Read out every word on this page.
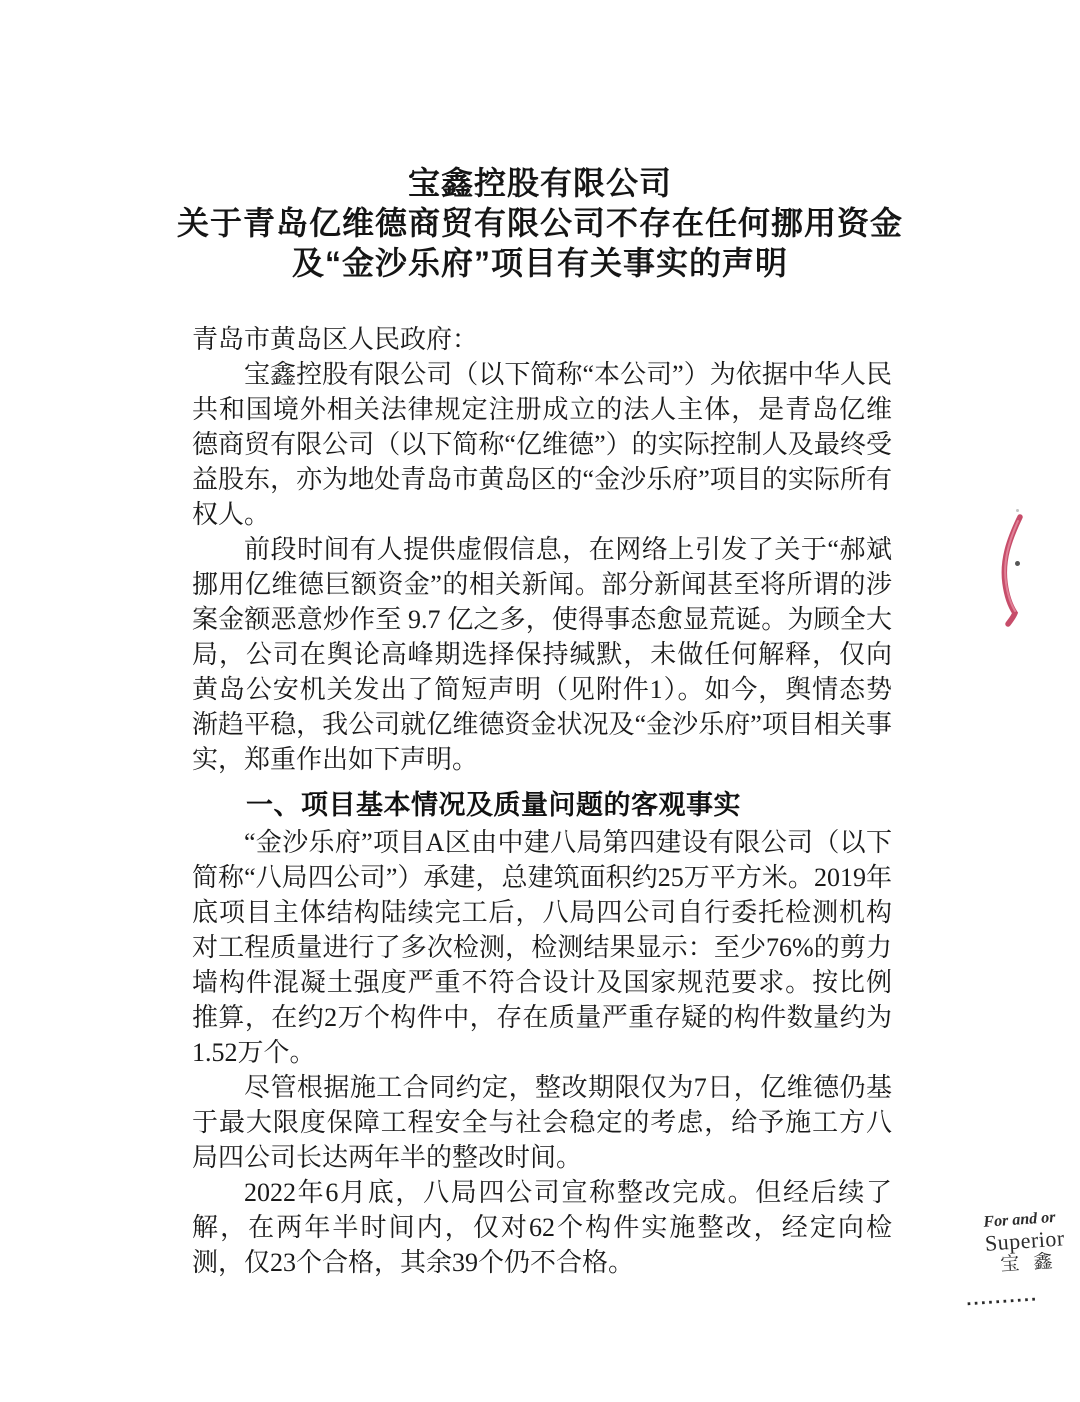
宝鑫控股有限公司
关于青岛亿维德商贸有限公司不存在任何挪用资金
及“金沙乐府”项目有关事实的声明

青岛市黄岛区人民政府：

宝鑫控股有限公司（以下简称“本公司”）为依据中华人民共和国境外相关法律规定注册成立的法人主体，是青岛亿维德商贸有限公司（以下简称“亿维德”）的实际控制人及最终受益股东，亦为地处青岛市黄岛区的“金沙乐府”项目的实际所有权人。

前段时间有人提供虚假信息，在网络上引发了关于“郝斌挪用亿维德巨额资金”的相关新闻。部分新闻甚至将所谓的涉案金额恶意炒作至 9.7 亿之多，使得事态愈显荒诞。为顾全大局，公司在舆论高峰期选择保持缄默，未做任何解释，仅向黄岛公安机关发出了简短声明（见附件1）。如今，舆情态势渐趋平稳，我公司就亿维德资金状况及“金沙乐府”项目相关事实，郑重作出如下声明。

一、项目基本情况及质量问题的客观事实

“金沙乐府”项目A区由中建八局第四建设有限公司（以下简称“八局四公司”）承建，总建筑面积约25万平方米。2019年底项目主体结构陆续完工后，八局四公司自行委托检测机构对工程质量进行了多次检测，检测结果显示：至少76%的剪力墙构件混凝土强度严重不符合设计及国家规范要求。按比例推算，在约2万个构件中，存在质量严重存疑的构件数量约为1.52万个。

尽管根据施工合同约定，整改期限仅为7日，亿维德仍基于最大限度保障工程安全与社会稳定的考虑，给予施工方八局四公司长达两年半的整改时间。

2022年6月底，八局四公司宣称整改完成。但经后续了解，在两年半时间内，仅对62个构件实施整改，经定向检测，仅23个合格，其余39个仍不合格。

For and or
Superior
宝鑫
··········
